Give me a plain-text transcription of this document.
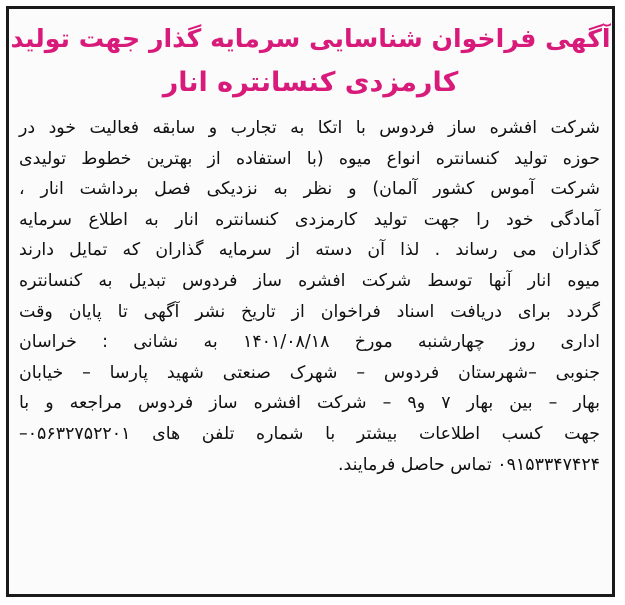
آگهی فراخوان شناسایی سرمایه گذار جهت تولید
کارمزدی کنسانتره انار
شرکت افشره ساز فردوس با اتکا به تجارب و سابقه فعالیت خود در
حوزه تولید کنسانتره انواع میوه (با استفاده از بهترین خطوط تولیدی
شرکت آموس کشور آلمان) و نظر به نزدیکی فصل برداشت انار ،
آمادگی خود را جهت تولید کارمزدی کنسانتره انار به اطلاع سرمایه
گذاران می رساند . لذا آن دسته از سرمایه گذاران که تمایل دارند
میوه انار آنها توسط شرکت افشره ساز فردوس تبدیل به کنسانتره
گردد برای دریافت اسناد فراخوان از تاریخ نشر آگهی تا پایان وقت
اداری روز چهارشنبه مورخ ۱۴۰۱/۰۸/۱۸ به نشانی : خراسان
جنوبی –شهرستان فردوس – شهرک صنعتی شهید پارسا – خیابان
بهار – بین بهار ۷ و۹ – شرکت افشره ساز فردوس مراجعه و با
جهت کسب اطلاعات بیشتر با شماره تلفن های ۰۵۶۳۲۷۵۲۲۰۱–
۰۹۱۵۳۳۴۷۴۲۴ تماس حاصل فرمایند.
